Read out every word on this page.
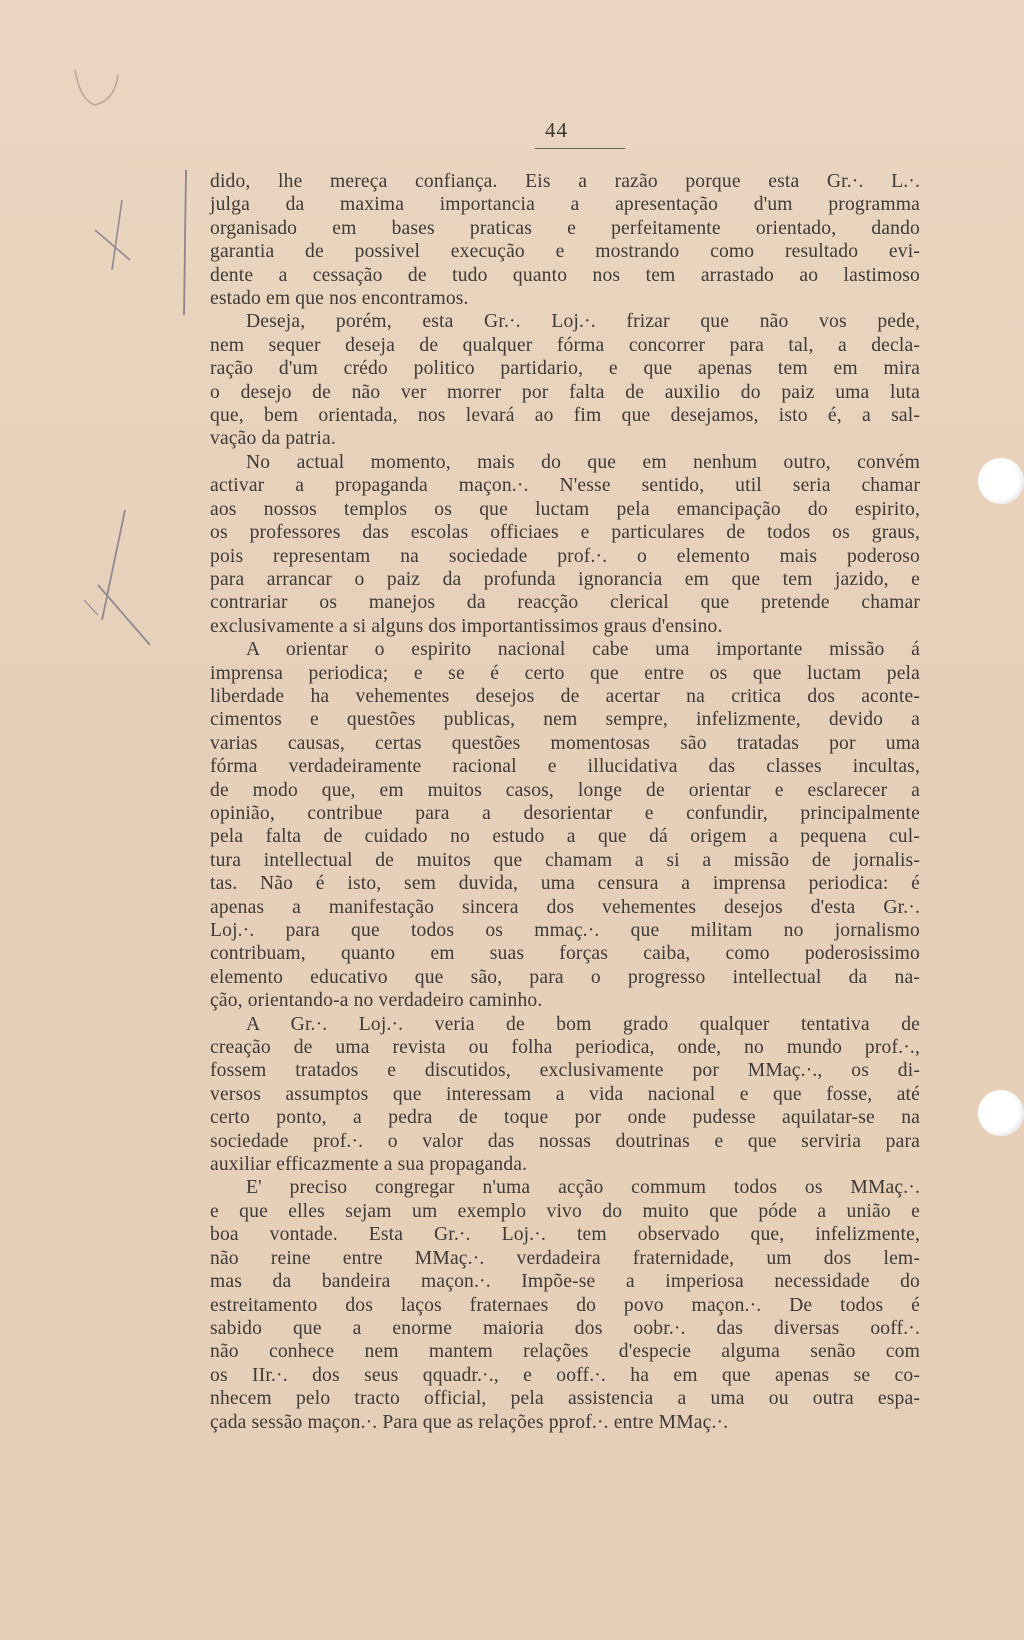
44

dido, lhe mereça confiança. Eis a razão porque esta Gr.·. L.·.

julga da maxima importancia a apresentação d'um programma

organisado em bases praticas e perfeitamente orientado, dando

garantia de possivel execução e mostrando como resultado evi-

dente a cessação de tudo quanto nos tem arrastado ao lastimoso

estado em que nos encontramos.

Deseja, porém, esta Gr.·. Loj.·. frizar que não vos pede,

nem sequer deseja de qualquer fórma concorrer para tal, a decla-

ração d'um crédo politico partidario, e que apenas tem em mira

o desejo de não ver morrer por falta de auxilio do paiz uma luta

que, bem orientada, nos levará ao fim que desejamos, isto é, a sal-

vação da patria.

No actual momento, mais do que em nenhum outro, convém

activar a propaganda maçon.·. N'esse sentido, util seria chamar

aos nossos templos os que luctam pela emancipação do espirito,

os professores das escolas officiaes e particulares de todos os graus,

pois representam na sociedade prof.·. o elemento mais poderoso

para arrancar o paiz da profunda ignorancia em que tem jazido, e

contrariar os manejos da reacção clerical que pretende chamar

exclusivamente a si alguns dos importantissimos graus d'ensino.

A orientar o espirito nacional cabe uma importante missão á

imprensa periodica; e se é certo que entre os que luctam pela

liberdade ha vehementes desejos de acertar na critica dos aconte-

cimentos e questões publicas, nem sempre, infelizmente, devido a

varias causas, certas questões momentosas são tratadas por uma

fórma verdadeiramente racional e illucidativa das classes incultas,

de modo que, em muitos casos, longe de orientar e esclarecer a

opinião, contribue para a desorientar e confundir, principalmente

pela falta de cuidado no estudo a que dá origem a pequena cul-

tura intellectual de muitos que chamam a si a missão de jornalis-

tas. Não é isto, sem duvida, uma censura a imprensa periodica: é

apenas a manifestação sincera dos vehementes desejos d'esta Gr.·.

Loj.·. para que todos os mmaç.·. que militam no jornalismo

contribuam, quanto em suas forças caiba, como poderosissimo

elemento educativo que são, para o progresso intellectual da na-

ção, orientando-a no verdadeiro caminho.

A Gr.·. Loj.·. veria de bom grado qualquer tentativa de

creação de uma revista ou folha periodica, onde, no mundo prof.·.,

fossem tratados e discutidos, exclusivamente por MMaç.·., os di-

versos assumptos que interessam a vida nacional e que fosse, até

certo ponto, a pedra de toque por onde pudesse aquilatar-se na

sociedade prof.·. o valor das nossas doutrinas e que serviria para

auxiliar efficazmente a sua propaganda.

E' preciso congregar n'uma acção commum todos os MMaç.·.

e que elles sejam um exemplo vivo do muito que póde a união e

boa vontade. Esta Gr.·. Loj.·. tem observado que, infelizmente,

não reine entre MMaç.·. verdadeira fraternidade, um dos lem-

mas da bandeira maçon.·. Impõe-se a imperiosa necessidade do

estreitamento dos laços fraternaes do povo maçon.·. De todos é

sabido que a enorme maioria dos oobr.·. das diversas ooff.·.

não conhece nem mantem relações d'especie alguma senão com

os IIr.·. dos seus qquadr.·., e ooff.·. ha em que apenas se co-

nhecem pelo tracto official, pela assistencia a uma ou outra espa-

çada sessão maçon.·. Para que as relações pprof.·. entre MMaç.·.
